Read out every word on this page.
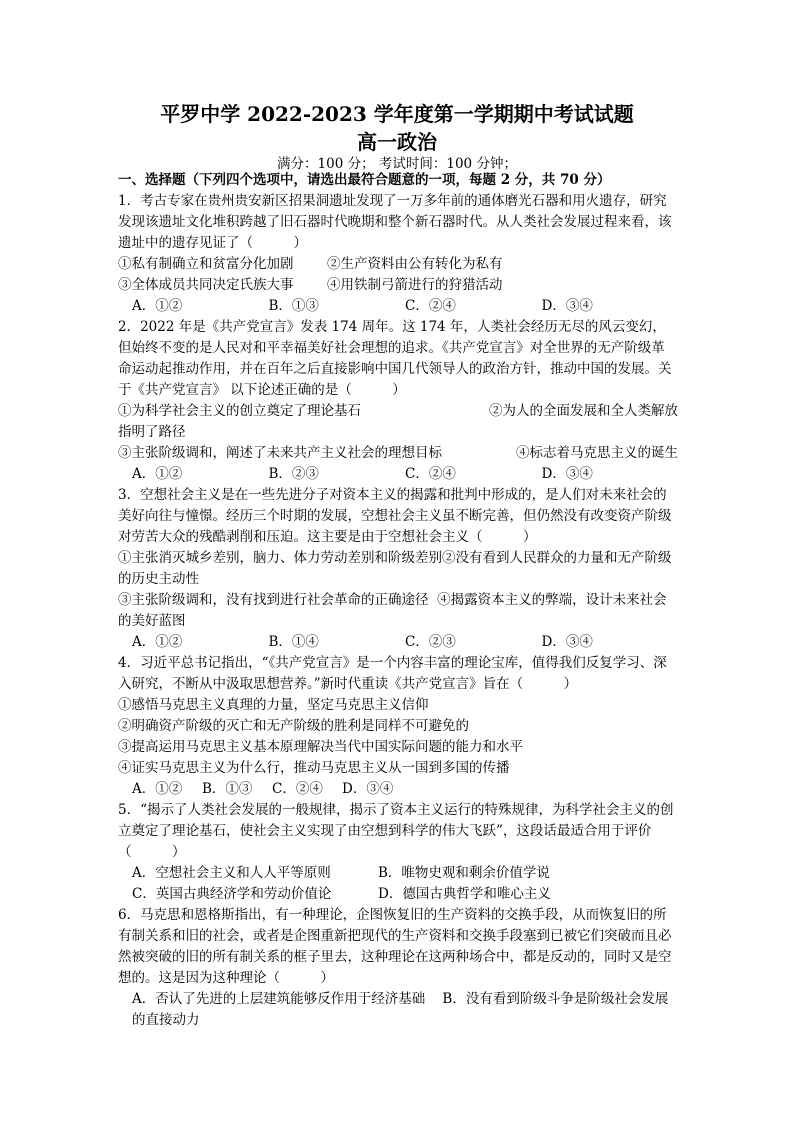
平罗中学 2022-2023 学年度第一学期期中考试试题
高一政治
满分：100 分； 考试时间：100 分钟；

一、选择题（下列四个选项中，请选出最符合题意的一项，每题 2 分，共 70 分）

1．考古专家在贵州贵安新区招果洞遗址发现了一万多年前的通体磨光石器和用火遗存，研究发现该遗址文化堆积跨越了旧石器时代晚期和整个新石器时代。从人类社会发展过程来看，该遗址中的遗存见证了（　　　）

①私有制确立和贫富分化加剧	②生产资料由公有转化为私有
③全体成员共同决定氏族大事	④用铁制弓箭进行的狩猎活动
A．①②	B．①③	C．②④	D．③④

2．2022 年是《共产党宣言》发表 174 周年。这 174 年，人类社会经历无尽的风云变幻，但始终不变的是人民对和平幸福美好社会理想的追求。《共产党宣言》对全世界的无产阶级革命运动起推动作用，并在百年之后直接影响中国几代领导人的政治方针，推动中国的发展。关于《共产党宣言》 以下论述正确的是（　　　）

①为科学社会主义的创立奠定了理论基石	②为人的全面发展和全人类解放

指明了路径

③主张阶级调和，阐述了未来共产主义社会的理想目标	④标志着马克思主义的诞生
A．①②	B．②③	C．②④	D．③④

3．空想社会主义是在一些先进分子对资本主义的揭露和批判中形成的，是人们对未来社会的美好向往与憧憬。经历三个时期的发展，空想社会主义虽不断完善，但仍然没有改变资产阶级对劳苦大众的残酷剥削和压迫。这主要是由于空想社会主义（　　　）

①主张消灭城乡差别，脑力、体力劳动差别和阶级差别②没有看到人民群众的力量和无产阶级的历史主动性

③主张阶级调和，没有找到进行社会革命的正确途径 ④揭露资本主义的弊端，设计未来社会的美好蓝图

A．①②	B．①④	C．②③	D．③④

4．习近平总书记指出，“《共产党宣言》是一个内容丰富的理论宝库，值得我们反复学习、深入研究，不断从中汲取思想营养。”新时代重读《共产党宣言》旨在（　　　）

①感悟马克思主义真理的力量，坚定马克思主义信仰

②明确资产阶级的灭亡和无产阶级的胜利是同样不可避免的

③提高运用马克思主义基本原理解决当代中国实际问题的能力和水平

④证实马克思主义为什么行，推动马克思主义从一国到多国的传播

A．①②	B．①③	C．②④	D．③④

5．“揭示了人类社会发展的一般规律，揭示了资本主义运行的特殊规律，为科学社会主义的创立奠定了理论基石，使社会主义实现了由空想到科学的伟大飞跃”，这段话最适合用于评价（　　　）

A．空想社会主义和人人平等原则	B．唯物史观和剩余价值学说
C．英国古典经济学和劳动价值论	D．德国古典哲学和唯心主义

6．马克思和恩格斯指出，有一种理论，企图恢复旧的生产资料的交换手段，从而恢复旧的所有制关系和旧的社会，或者是企图重新把现代的生产资料和交换手段塞到已被它们突破而且必然被突破的旧的所有制关系的框子里去，这种理论在这两种场合中，都是反动的，同时又是空想的。这是因为这种理论（　　　）

A．否认了先进的上层建筑能够反作用于经济基础 B．没有看到阶级斗争是阶级社会发展的直接动力
